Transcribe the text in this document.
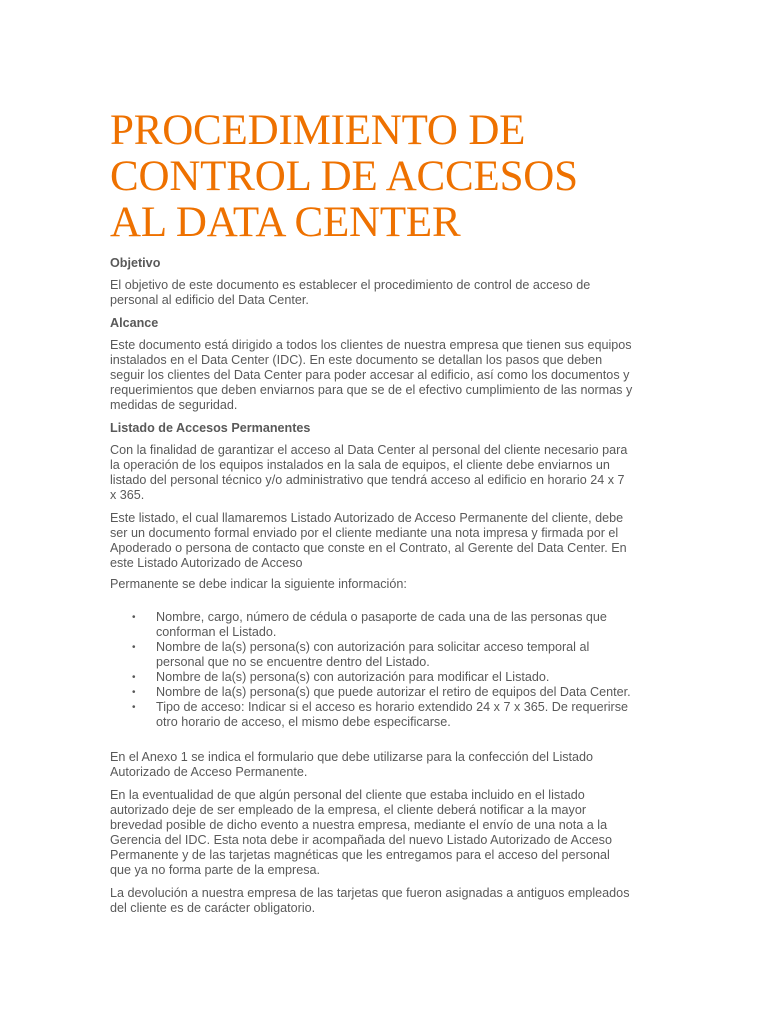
PROCEDIMIENTO DE CONTROL DE ACCESOS AL DATA CENTER
Objetivo

El objetivo de este documento es establecer el procedimiento de control de acceso de personal al edificio del Data Center.

Alcance

Este documento está dirigido a todos los clientes de nuestra empresa que tienen sus equipos instalados en el Data Center (IDC). En este documento se detallan los pasos que deben seguir los clientes del Data Center para poder accesar al edificio, así como los documentos y requerimientos que deben enviarnos para que se de el efectivo cumplimiento de las normas y medidas de seguridad.

Listado de Accesos Permanentes

Con la finalidad de garantizar el acceso al Data Center al personal del cliente necesario para la operación de los equipos instalados en la sala de equipos, el cliente debe enviarnos un listado del personal técnico y/o administrativo que tendrá acceso al edificio en horario 24 x 7 x 365.

Este listado, el cual llamaremos Listado Autorizado de Acceso Permanente del cliente, debe ser un documento formal enviado por el cliente mediante una nota impresa y firmada por el Apoderado o persona de contacto que conste en el Contrato, al Gerente del Data Center. En este Listado Autorizado de Acceso

Permanente se debe indicar la siguiente información:

• Nombre, cargo, número de cédula o pasaporte de cada una de las personas que conforman el Listado.
• Nombre de la(s) persona(s) con autorización para solicitar acceso temporal al personal que no se encuentre dentro del Listado.
• Nombre de la(s) persona(s) con autorización para modificar el Listado.
• Nombre de la(s) persona(s) que puede autorizar el retiro de equipos del Data Center.
• Tipo de acceso: Indicar si el acceso es horario extendido 24 x 7 x 365. De requerirse otro horario de acceso, el mismo debe especificarse.

En el Anexo 1 se indica el formulario que debe utilizarse para la confección del Listado Autorizado de Acceso Permanente.

En la eventualidad de que algún personal del cliente que estaba incluido en el listado autorizado deje de ser empleado de la empresa, el cliente deberá notificar a la mayor brevedad posible de dicho evento a nuestra empresa, mediante el envío de una nota a la Gerencia del IDC. Esta nota debe ir acompañada del nuevo Listado Autorizado de Acceso Permanente y de las tarjetas magnéticas que les entregamos para el acceso del personal que ya no forma parte de la empresa.

La devolución a nuestra empresa de las tarjetas que fueron asignadas a antiguos empleados del cliente es de carácter obligatorio.
